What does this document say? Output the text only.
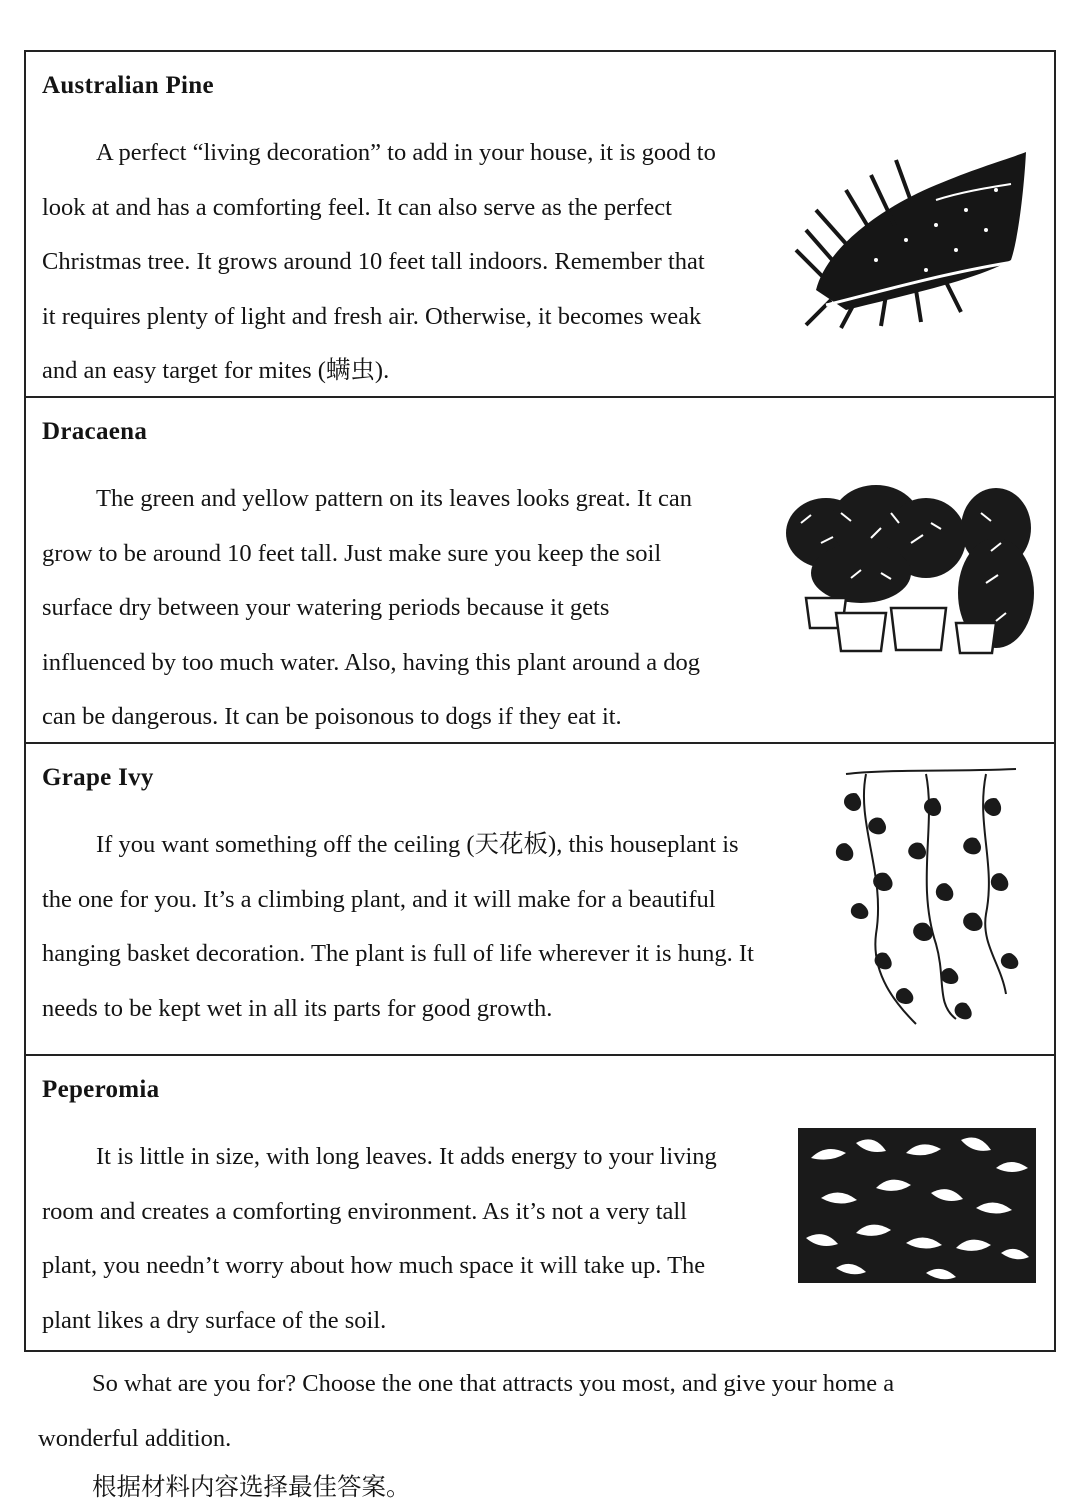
Australian Pine
A perfect “living decoration” to add in your house, it is good to
look at and has a comforting feel. It can also serve as the perfect
Christmas tree. It grows around 10 feet tall indoors. Remember that
it requires plenty of light and fresh air. Otherwise, it becomes weak
and an easy target for mites (螨虫).
Dracaena
The green and yellow pattern on its leaves looks great. It can
grow to be around 10 feet tall. Just make sure you keep the soil
surface dry between your watering periods because it gets
influenced by too much water. Also, having this plant around a dog
can be dangerous. It can be poisonous to dogs if they eat it.
Grape Ivy
If you want something off the ceiling (天花板), this houseplant is
the one for you. It’s a climbing plant, and it will make for a beautiful
hanging basket decoration. The plant is full of life wherever it is hung. It
needs to be kept wet in all its parts for good growth.
Peperomia
It is little in size, with long leaves. It adds energy to your living
room and creates a comforting environment. As it’s not a very tall
plant, you needn’t worry about how much space it will take up. The
plant likes a dry surface of the soil.
So what are you for? Choose the one that attracts you most, and give your home a
wonderful addition.
根据材料内容选择最佳答案。
